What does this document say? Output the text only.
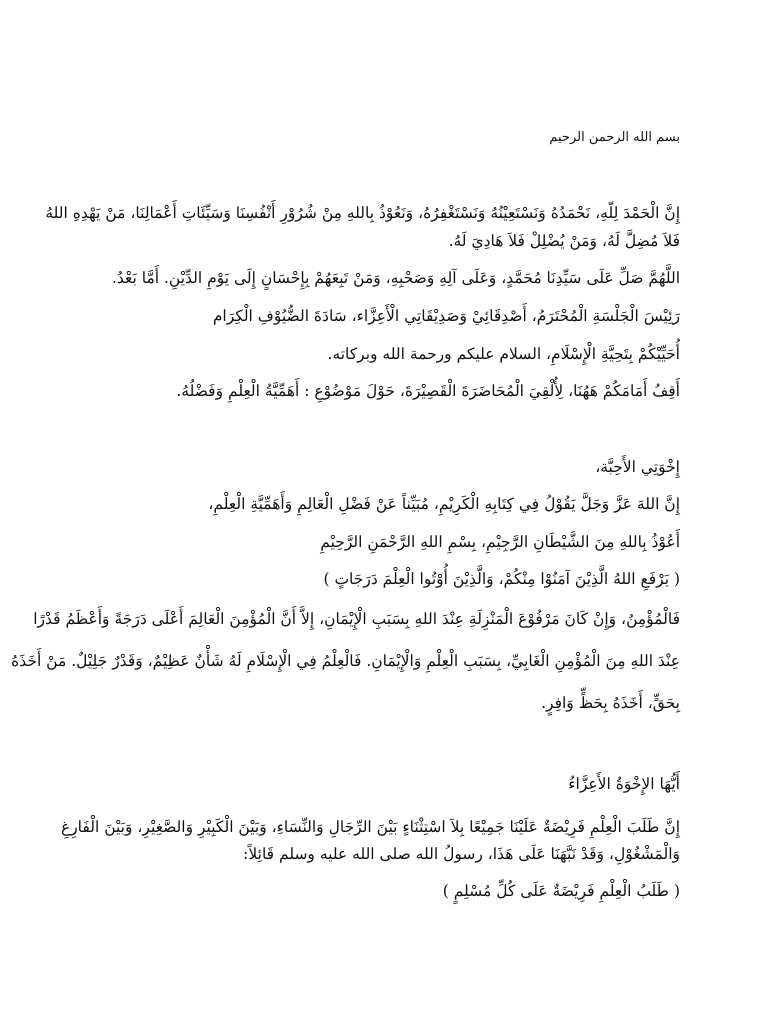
بسم الله الرحمن الرحيم
إِنَّ الْحَمْدَ لِلّهِ، نَحْمَدُهُ وَنَسْتَعِيْنُهُ وَنَسْتَغْفِرُهُ، وَنَعُوْذُ بِاللهِ مِنْ شُرُوْرِ أَنْفُسِنَا وَسَيِّئَاتِ أَعْمَالِنَا، مَنْ يَهْدِهِ اللهُ
فَلاَ مُضِلَّ لَهُ، وَمَنْ يُضْلِلْ فَلاَ هَادِيَ لَهُ.
اللَّهُمَّ صَلِّ عَلَى سَيِّدِنَا مُحَمَّدٍ، وَعَلَى آلِهِ وَصَحْبِهِ، وَمَنْ تَبِعَهُمْ بِإِحْسَانٍ إِلَى يَوْمِ الدِّيْنِ. أَمَّا بَعْدُ.
رَئِيْسَ الْجَلْسَةِ الْمُحْتَرَمُ، أَصْدِقَائِيْ وَصَدِيْقَاتِي الْأَعِزَّاء، سَادَةَ الضُّيُوْفِ الْكِرَام
أُحَيِّيْكُمْ بِتَحِيَّةِ الْإِسْلَامِ، السلام عليكم ورحمة الله وبركاته.
أَقِفُ أَمَامَكُمْ هَهُنَا، لِأُلْقِيَ الْمُحَاضَرَةَ الْقَصِيْرَةَ، حَوْلَ مَوْضُوْعِ : أَهَمِّيَّةُ الْعِلْمِ وَفَضْلُهُ.
إِخْوَتِي الأَحِبَّة،
إِنَّ اللهَ عَزَّ وَجَلَّ يَقُوْلُ فِي كِتَابِهِ الْكَرِيْمِ، مُبَيِّناً عَنْ فَضْلِ الْعَالِمِ وَأَهَمِّيَّةِ الْعِلْمِ،
أَعُوْذُ بِاللهِ مِنَ الشَّيْطَانِ الرَّجِيْمِ، بِسْمِ اللهِ الرَّحْمَنِ الرَّحِيْمِ
( يَرْفَعِ اللهُ الَّذِيْنَ آمَنُوْا مِنْكُمْ، وَالَّذِيْنَ أُوْتُوا الْعِلْمَ دَرَجَاتٍ )
فَالْمُؤْمِنُ، وَإِنْ كَانَ مَرْفُوْعَ الْمَنْزِلَةِ عِنْدَ اللهِ بِسَبَبِ الْإِيْمَانِ، إِلاَّ أَنَّ الْمُؤْمِنَ الْعَالِمَ أَعْلَى دَرَجَةً وَأَعْظَمُ قَدْرًا
عِنْدَ اللهِ مِنَ الْمُؤْمِنِ الْغَابِيِّ، بِسَبَبِ الْعِلْمِ وَالْإِيْمَانِ. فَالْعِلْمُ فِي الْإِسْلَامِ لَهُ شَأْنٌ عَظِيْمٌ، وَقَدْرٌ جَلِيْلٌ. مَنْ أَخَذَهُ
بِحَقٍّ، أَخَذَهُ بِحَظٍّ وَافِرٍ.
أَيُّهَا الإِخْوَةُ الأَعِزَّاءُ
إِنَّ طَلَبَ الْعِلْمِ فَرِيْضَةٌ عَلَيْنَا جَمِيْعًا بِلاَ اسْتِثْنَاءٍ بَيْنَ الرِّجَالِ وَالنِّسَاءِ، وَبَيْنَ الْكَبِيْرِ وَالصَّغِيْرِ، وَبَيْنَ الْفَارِغِ
وَالْمَشْغُوْلِ، وَقَدْ نَبَّهَنَا عَلَى هَذَا، رسولُ الله صلى الله عليه وسلم قَائِلاً:
( طَلَبُ الْعِلْمِ فَرِيْضَةٌ عَلَى كُلِّ مُسْلِمٍ )
